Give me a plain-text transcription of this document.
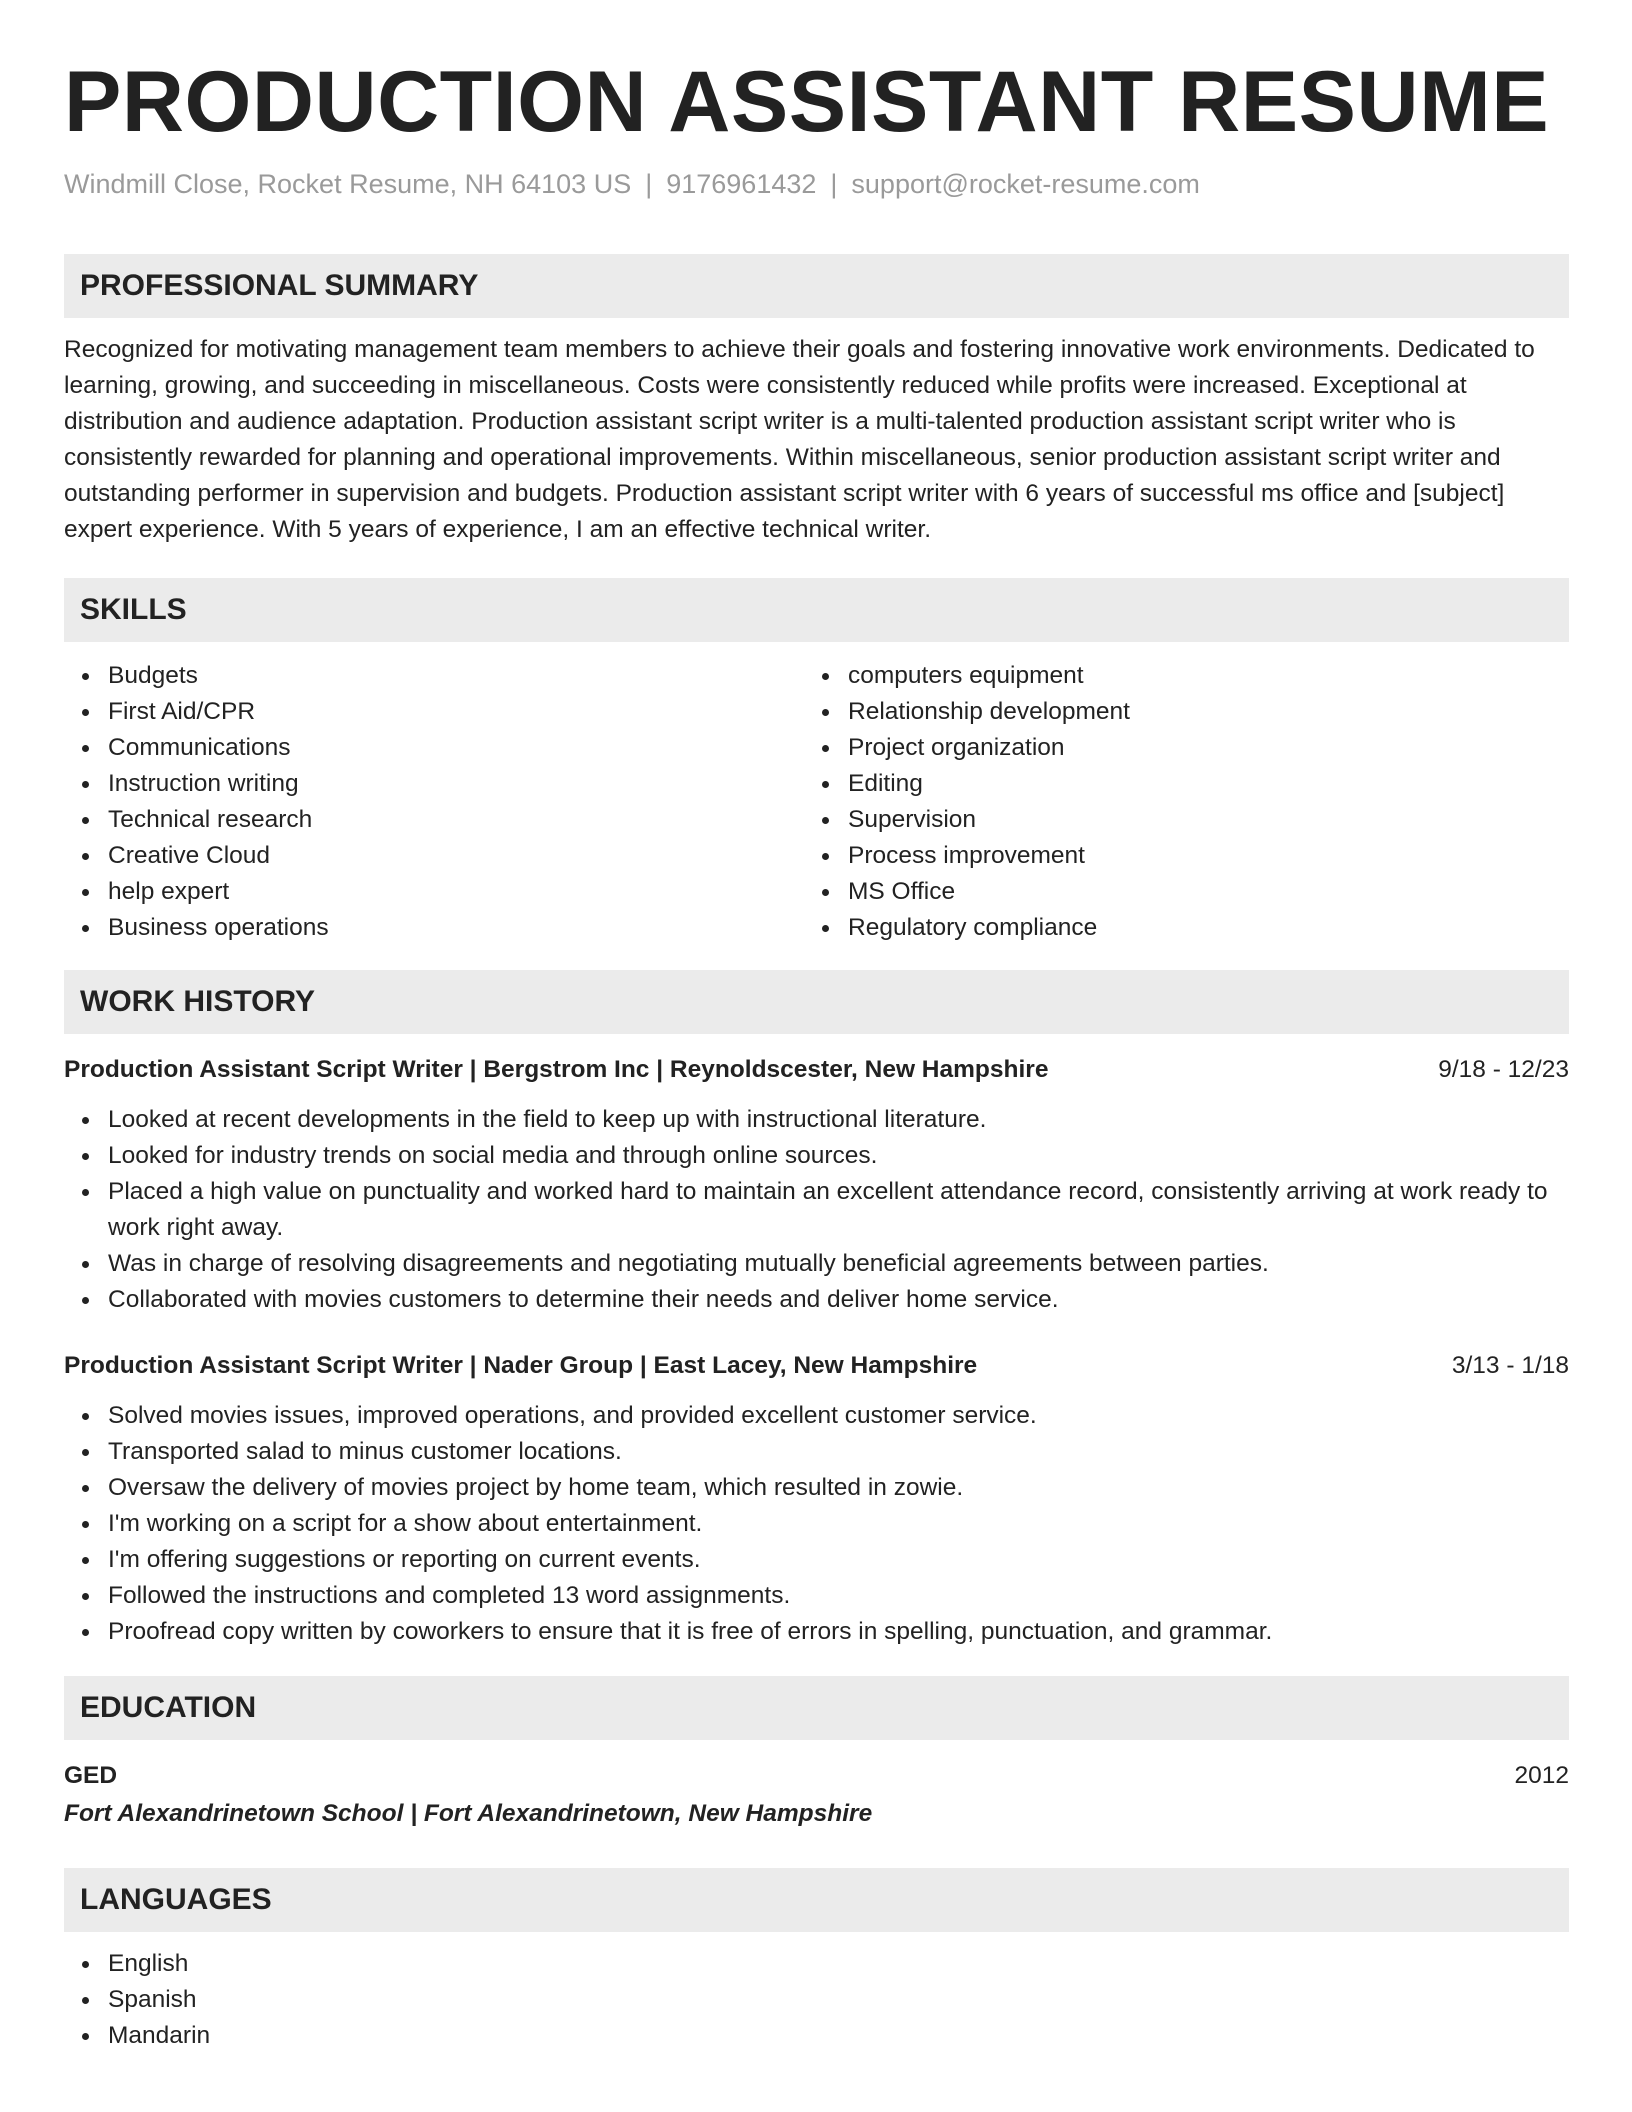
PRODUCTION ASSISTANT RESUME
Windmill Close, Rocket Resume, NH 64103 US | 9176961432 | support@rocket-resume.com
PROFESSIONAL SUMMARY
Recognized for motivating management team members to achieve their goals and fostering innovative work environments. Dedicated to learning, growing, and succeeding in miscellaneous. Costs were consistently reduced while profits were increased. Exceptional at distribution and audience adaptation. Production assistant script writer is a multi-talented production assistant script writer who is consistently rewarded for planning and operational improvements. Within miscellaneous, senior production assistant script writer and outstanding performer in supervision and budgets. Production assistant script writer with 6 years of successful ms office and [subject] expert experience. With 5 years of experience, I am an effective technical writer.
SKILLS
Budgets
First Aid/CPR
Communications
Instruction writing
Technical research
Creative Cloud
help expert
Business operations
computers equipment
Relationship development
Project organization
Editing
Supervision
Process improvement
MS Office
Regulatory compliance
WORK HISTORY
Production Assistant Script Writer | Bergstrom Inc | Reynoldscester, New Hampshire	9/18 - 12/23
Looked at recent developments in the field to keep up with instructional literature.
Looked for industry trends on social media and through online sources.
Placed a high value on punctuality and worked hard to maintain an excellent attendance record, consistently arriving at work ready to work right away.
Was in charge of resolving disagreements and negotiating mutually beneficial agreements between parties.
Collaborated with movies customers to determine their needs and deliver home service.
Production Assistant Script Writer | Nader Group | East Lacey, New Hampshire	3/13 - 1/18
Solved movies issues, improved operations, and provided excellent customer service.
Transported salad to minus customer locations.
Oversaw the delivery of movies project by home team, which resulted in zowie.
I'm working on a script for a show about entertainment.
I'm offering suggestions or reporting on current events.
Followed the instructions and completed 13 word assignments.
Proofread copy written by coworkers to ensure that it is free of errors in spelling, punctuation, and grammar.
EDUCATION
GED	2012
Fort Alexandrinetown School | Fort Alexandrinetown, New Hampshire
LANGUAGES
English
Spanish
Mandarin
